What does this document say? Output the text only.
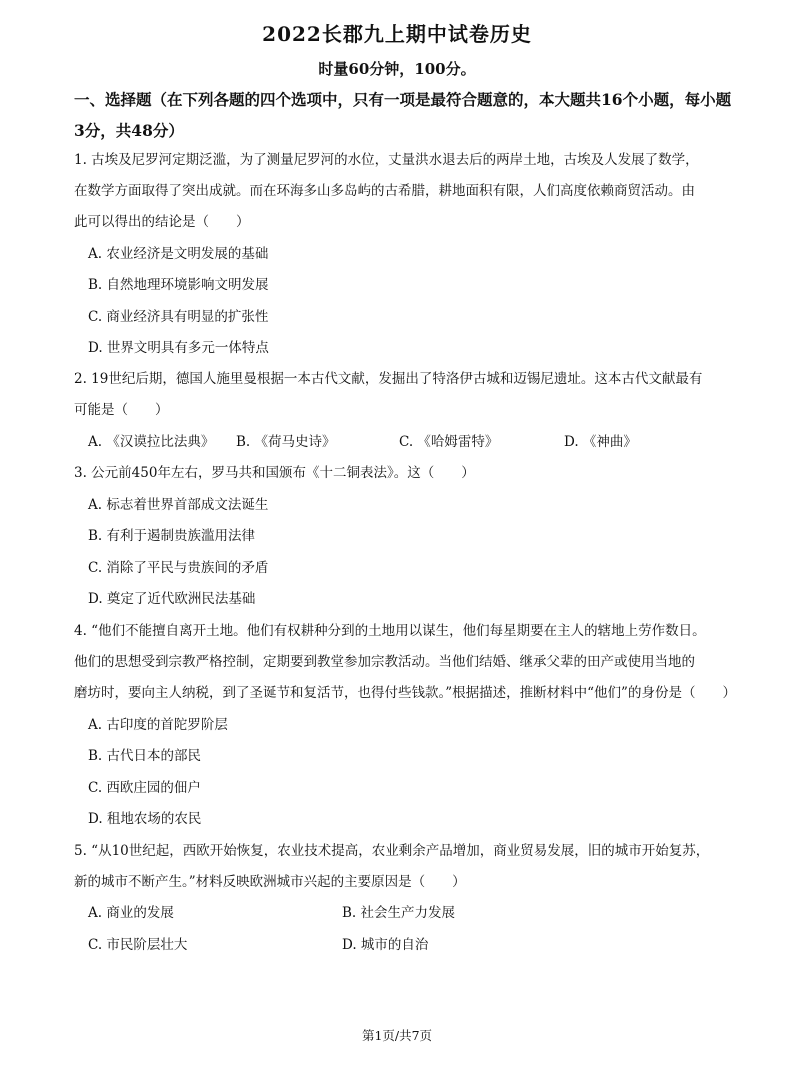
2022长郡九上期中试卷历史
时量60分钟，100分。
一、选择题（在下列各题的四个选项中，只有一项是最符合题意的，本大题共16个小题，每小题3分，共48分）
1. 古埃及尼罗河定期泛滥，为了测量尼罗河的水位，丈量洪水退去后的两岸土地，古埃及人发展了数学，
在数学方面取得了突出成就。而在环海多山多岛屿的古希腊，耕地面积有限，人们高度依赖商贸活动。由
此可以得出的结论是（　　）
A. 农业经济是文明发展的基础
B. 自然地理环境影响文明发展
C. 商业经济具有明显的扩张性
D. 世界文明具有多元一体特点
2. 19世纪后期，德国人施里曼根据一本古代文献，发掘出了特洛伊古城和迈锡尼遗址。这本古代文献最有
可能是（　　）
A. 《汉谟拉比法典》 B. 《荷马史诗》	C. 《哈姆雷特》	D. 《神曲》
3. 公元前450年左右，罗马共和国颁布《十二铜表法》。这（　　）
A. 标志着世界首部成文法诞生
B. 有利于遏制贵族滥用法律
C. 消除了平民与贵族间的矛盾
D. 奠定了近代欧洲民法基础
4. “他们不能擅自离开土地。他们有权耕种分到的土地用以谋生，他们每星期要在主人的辖地上劳作数日。
他们的思想受到宗教严格控制，定期要到教堂参加宗教活动。当他们结婚、继承父辈的田产或使用当地的
磨坊时，要向主人纳税，到了圣诞节和复活节，也得付些钱款。”根据描述，推断材料中“他们”的身份是（　　）
A. 古印度的首陀罗阶层
B. 古代日本的部民
C. 西欧庄园的佃户
D. 租地农场的农民
5. “从10世纪起，西欧开始恢复，农业技术提高，农业剩余产品增加，商业贸易发展，旧的城市开始复苏，
新的城市不断产生。”材料反映欧洲城市兴起的主要原因是（　　）
A. 商业的发展	B. 社会生产力发展
C. 市民阶层壮大	D. 城市的自治
第1页/共7页
